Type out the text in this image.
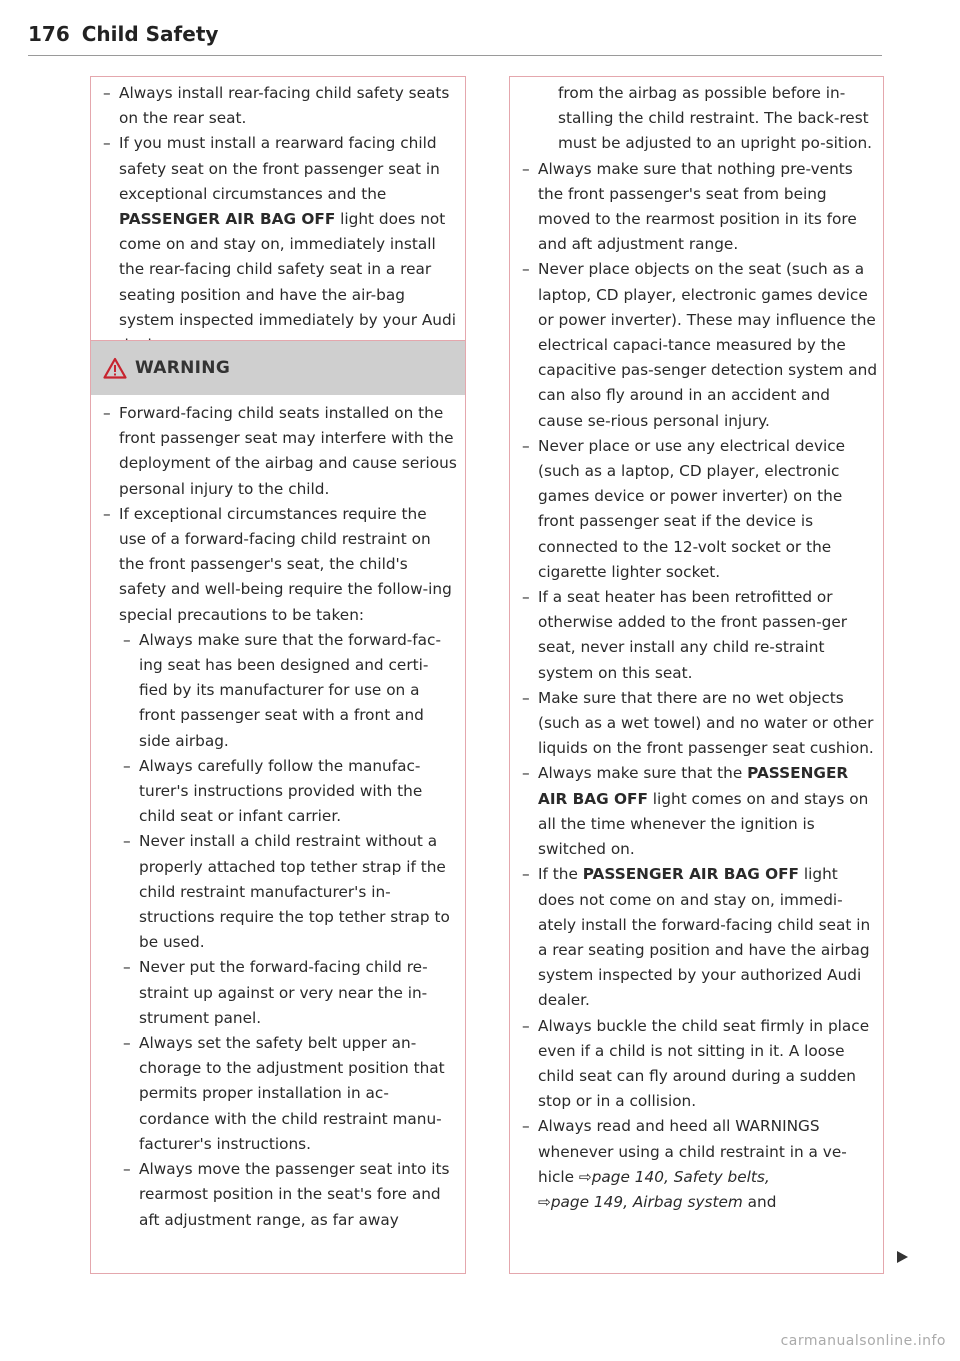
176 Child Safety
– Always install rear-facing child safety seats on the rear seat.
– If you must install a rearward facing child safety seat on the front passenger seat in exceptional circumstances and the PASSENGER AIR BAG OFF light does not come on and stay on, immediately install the rear-facing child safety seat in a rear seating position and have the air-bag system inspected immediately by your Audi
WARNING
– Forward-facing child seats installed on the front passenger seat may interfere with the deployment of the airbag and cause serious personal injury to the child.
– If exceptional circumstances require the use of a forward-facing child restraint on the front passenger's seat, the child's safety and well-being require the follow-ing special precautions to be taken:
– Always make sure that the forward-fac-ing seat has been designed and certi-fied by its manufacturer for use on a front passenger seat with a front and side airbag.
– Always carefully follow the manufac-turer's instructions provided with the child seat or infant carrier.
– Never install a child restraint without a properly attached top tether strap if the child restraint manufacturer's in-structions require the top tether strap to be used.
– Never put the forward-facing child re-straint up against or very near the in-strument panel.
– Always set the safety belt upper an-chorage to the adjustment position that permits proper installation in ac-cordance with the child restraint manu-facturer's instructions.
– Always move the passenger seat into its rearmost position in the seat's fore and aft adjustment range, as far away
from the airbag as possible before in-stalling the child restraint. The back-rest must be adjusted to an upright po-sition.
– Always make sure that nothing pre-vents the front passenger's seat from being moved to the rearmost position in its fore and aft adjustment range.
– Never place objects on the seat (such as a laptop, CD player, electronic games device or power inverter). These may influence the electrical capaci-tance measured by the capacitive pas-senger detection system and can also fly around in an accident and cause se-rious personal injury.
– Never place or use any electrical device (such as a laptop, CD player, electronic games device or power inverter) on the front passenger seat if the device is connected to the 12-volt socket or the cigarette lighter socket.
– If a seat heater has been retrofitted or otherwise added to the front passen-ger seat, never install any child re-straint system on this seat.
– Make sure that there are no wet objects (such as a wet towel) and no water or other liquids on the front passenger seat cushion.
– Always make sure that the PASSENGER AIR BAG OFF light comes on and stays on all the time whenever the ignition is switched on.
– If the PASSENGER AIR BAG OFF light does not come on and stay on, immedi-ately install the forward-facing child seat in a rear seating position and have the airbag system inspected by your authorized Audi dealer.
– Always buckle the child seat firmly in place even if a child is not sitting in it. A loose child seat can fly around during a sudden stop or in a collision.
– Always read and heed all WARNINGS whenever using a child restraint in a ve-hicle ⇨page 140, Safety belts,
⇨page 149, Airbag system and
carmanualsonline.info
